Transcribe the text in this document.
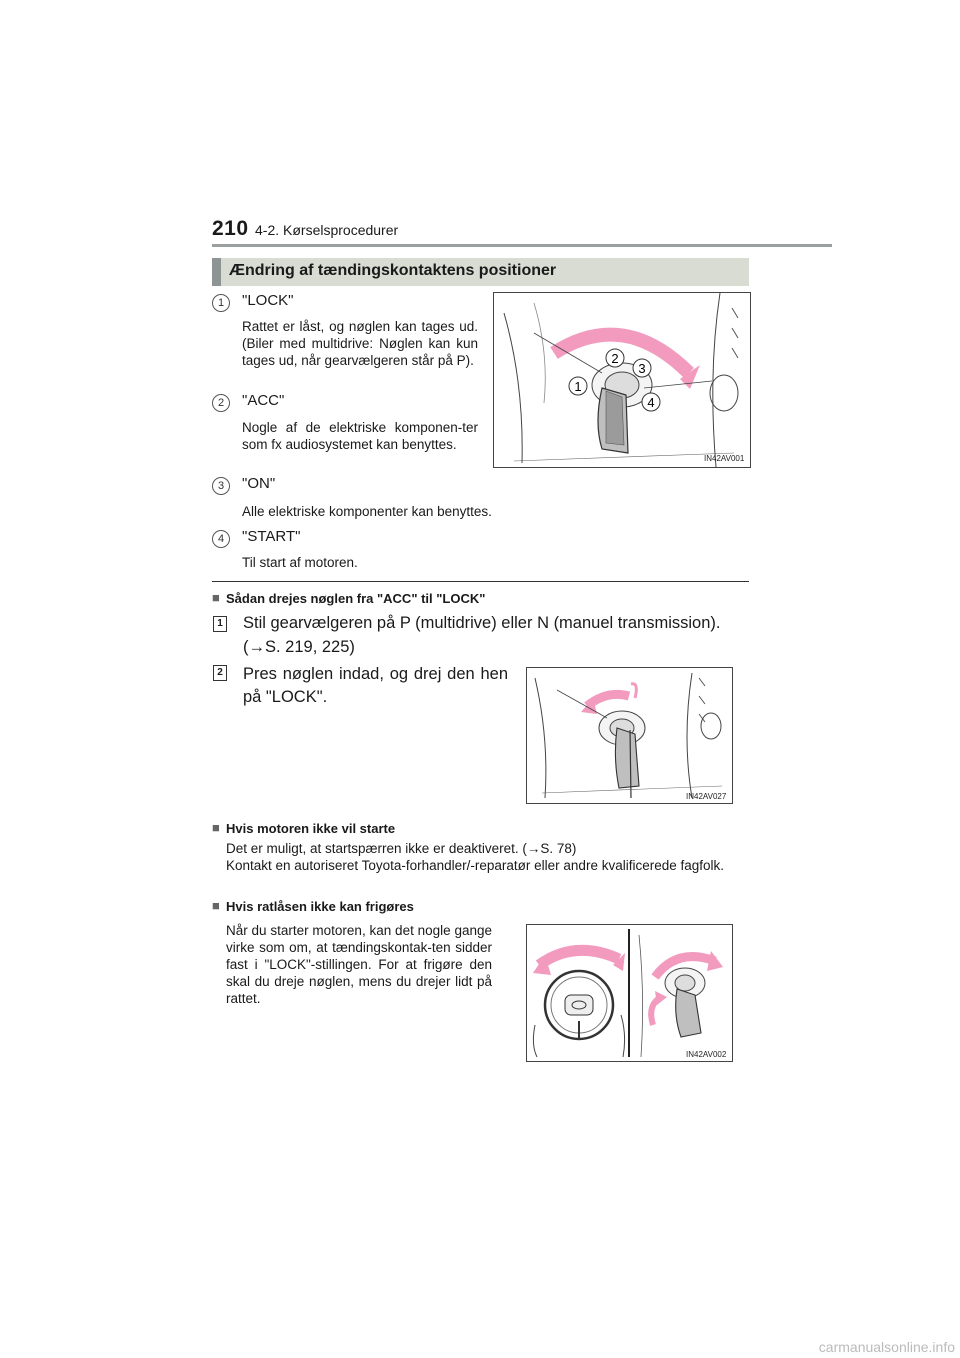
210 4-2. Kørselsprocedurer
Ændring af tændingskontaktens positioner
1	"LOCK"
Rattet er låst, og nøglen kan tages ud. (Biler med multidrive: Nøglen kan kun tages ud, når gearvælgeren står på P).
2	"ACC"
Nogle af de elektriske komponen-ter som fx audiosystemet kan benyttes.
3	"ON"
Alle elektriske komponenter kan benyttes.
4	"START"
Til start af motoren.
2
3
1
4
IN42AV001
■ Sådan drejes nøglen fra "ACC" til "LOCK"
1 Stil gearvælgeren på P (multidrive) eller N (manuel transmission).
(→S. 219, 225)
2 Pres nøglen indad, og drej den hen på "LOCK".
IN42AV027
■ Hvis motoren ikke vil starte
Det er muligt, at startspærren ikke er deaktiveret. (→S. 78)
Kontakt en autoriseret Toyota-forhandler/-reparatør eller andre kvalificerede fagfolk.
■ Hvis ratlåsen ikke kan frigøres
Når du starter motoren, kan det nogle gange virke som om, at tændingskontak-ten sidder fast i "LOCK"-stillingen. For at frigøre den skal du dreje nøglen, mens du drejer lidt på rattet.
IN42AV002
carmanualsonline.info
